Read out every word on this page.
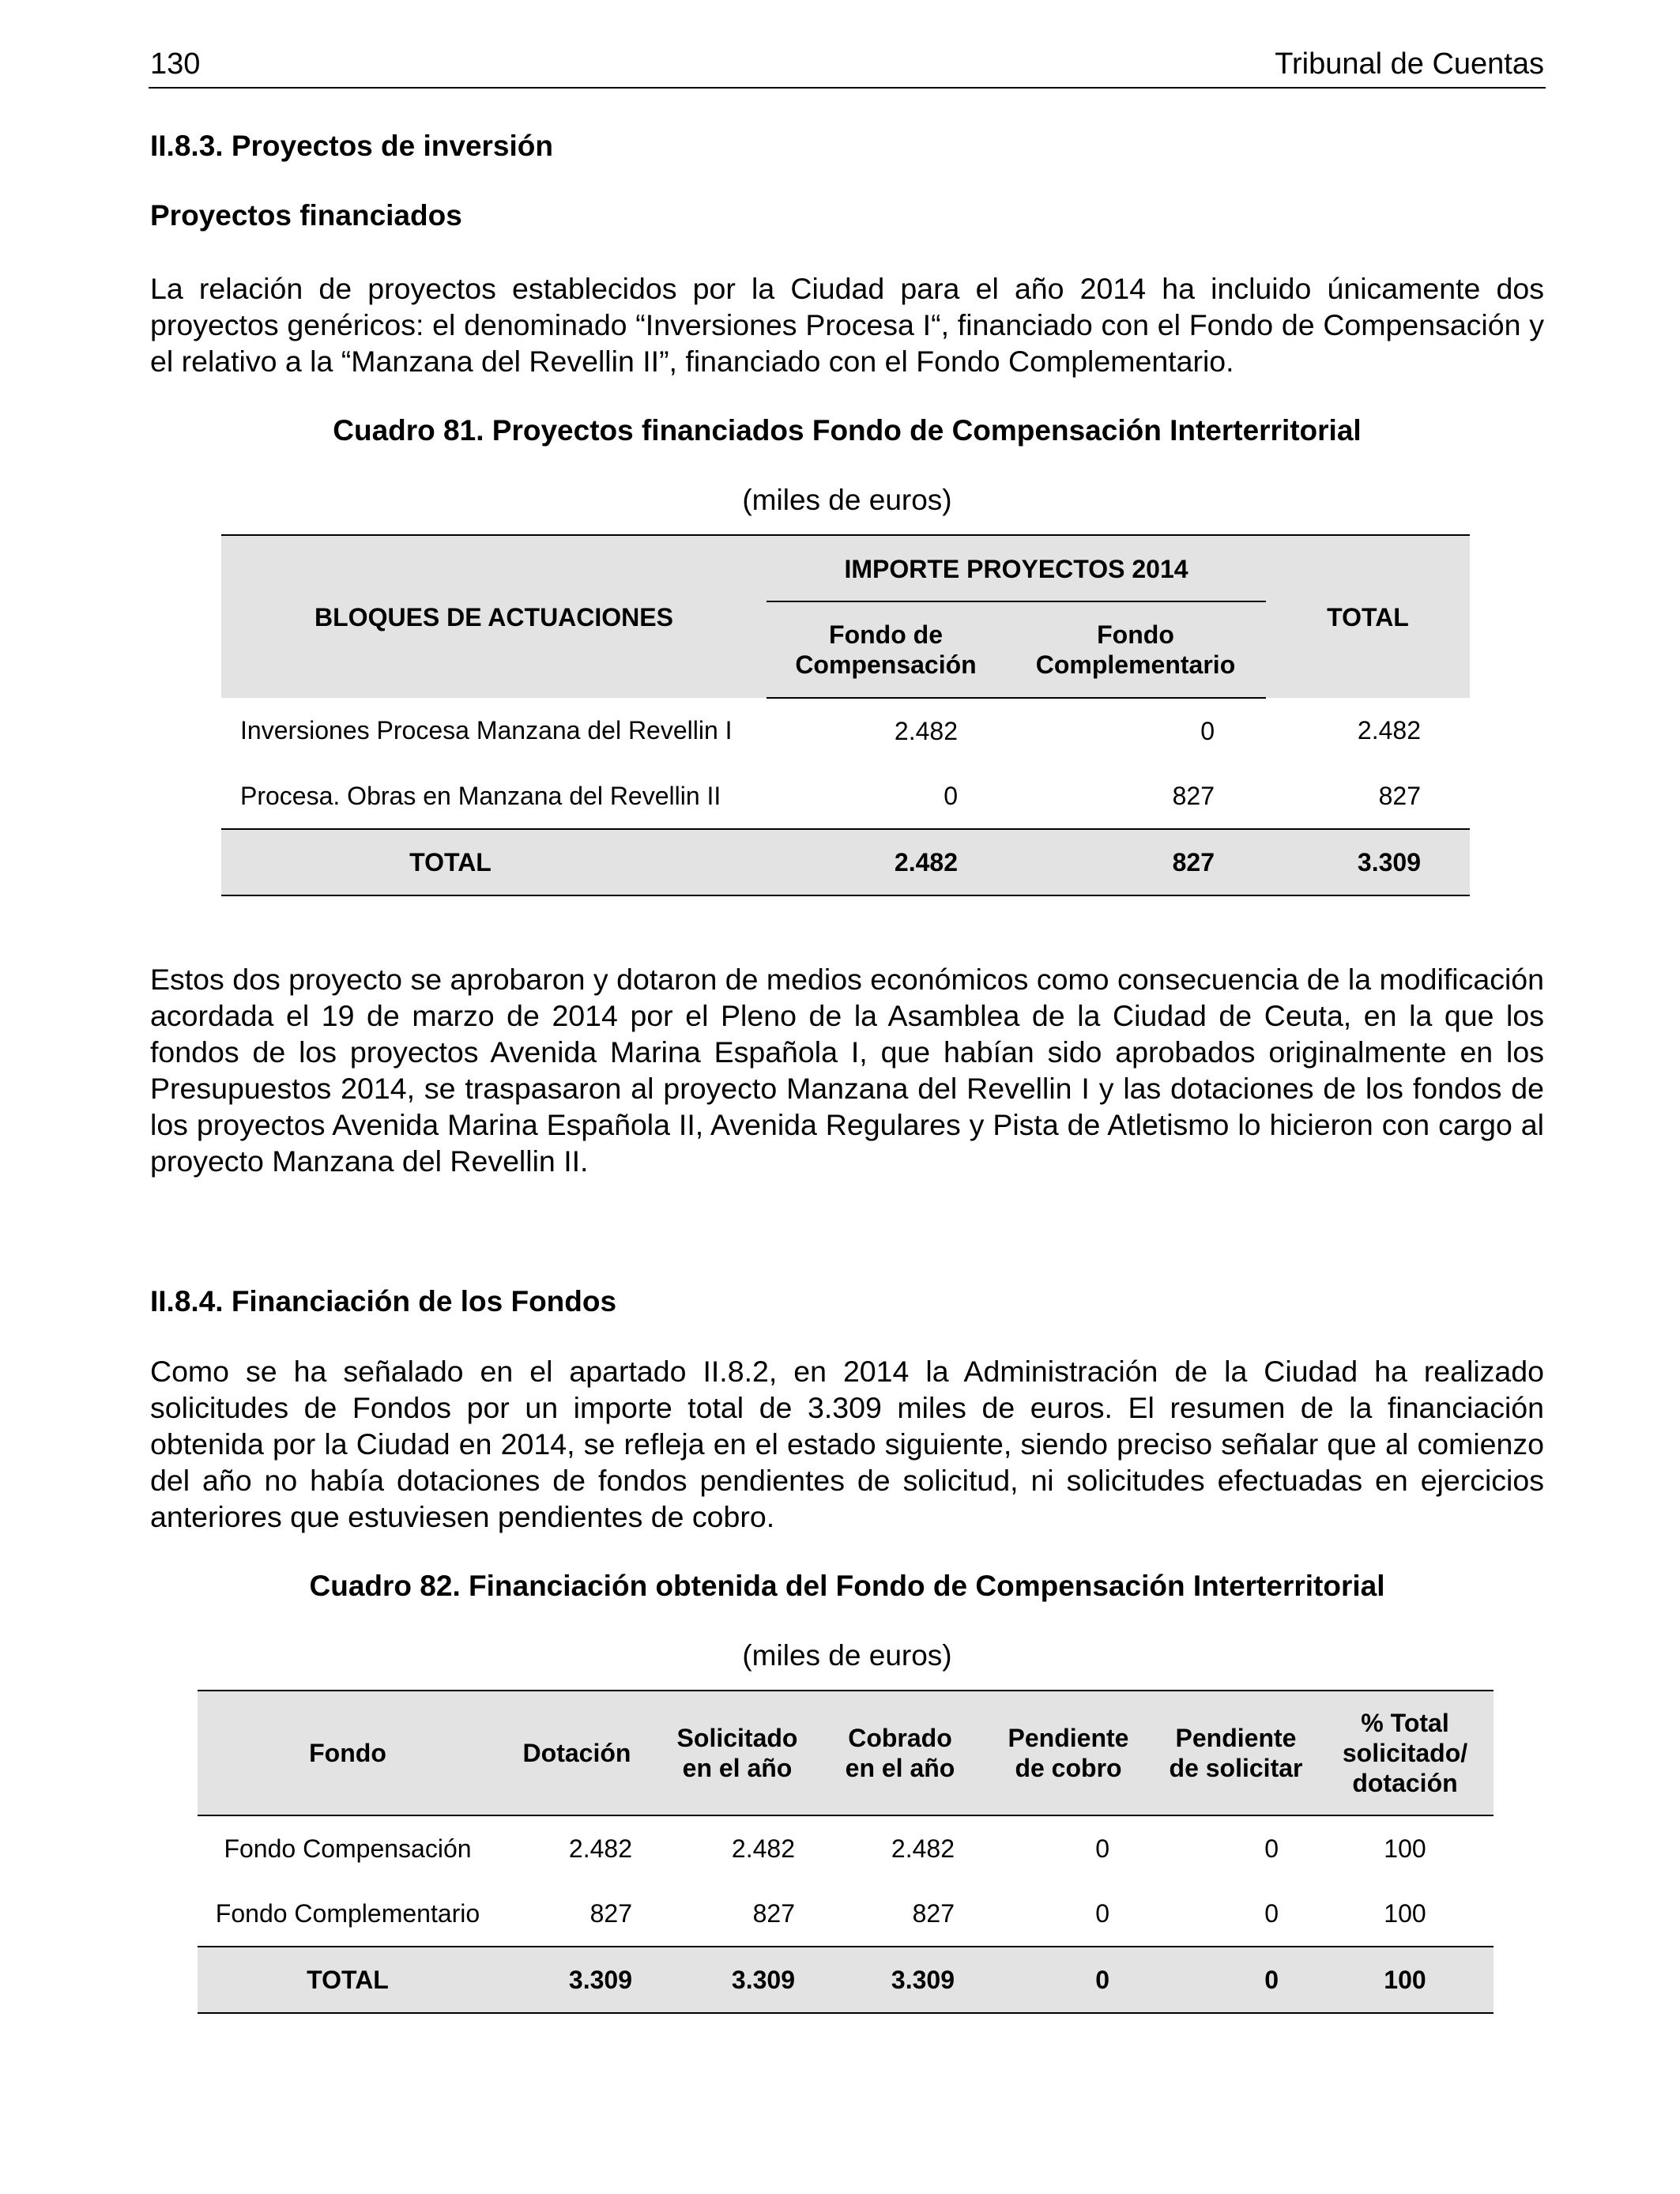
130	Tribunal de Cuentas
II.8.3. Proyectos de inversión
Proyectos financiados

La relación de proyectos establecidos por la Ciudad para el año 2014 ha incluido únicamente dos proyectos genéricos: el denominado “Inversiones Procesa I“, financiado con el Fondo de Compensación y el relativo a la “Manzana del Revellin II”, financiado con el Fondo Complementario.

Cuadro 81. Proyectos financiados Fondo de Compensación Interterritorial
(miles de euros)
BLOQUES DE ACTUACIONES	IMPORTE PROYECTOS 2014		TOTAL
	Fondo de Compensación	Fondo Complementario	
Inversiones Procesa Manzana del Revellin I	2.482	0	2.482
Procesa. Obras en Manzana del Revellin II	0	827	827
TOTAL	2.482	827	3.309

Estos dos proyecto se aprobaron y dotaron de medios económicos como consecuencia de la modificación acordada el 19 de marzo de 2014 por el Pleno de la Asamblea de la Ciudad de Ceuta, en la que los fondos de los proyectos Avenida Marina Española I, que habían sido aprobados originalmente en los Presupuestos 2014, se traspasaron al proyecto Manzana del Revellin I y las dotaciones de los fondos de los proyectos Avenida Marina Española II, Avenida Regulares y Pista de Atletismo lo hicieron con cargo al proyecto Manzana del Revellin II.

II.8.4. Financiación de los Fondos

Como se ha señalado en el apartado II.8.2, en 2014 la Administración de la Ciudad ha realizado solicitudes de Fondos por un importe total de 3.309 miles de euros. El resumen de la financiación obtenida por la Ciudad en 2014, se refleja en el estado siguiente, siendo preciso señalar que al comienzo del año no había dotaciones de fondos pendientes de solicitud, ni solicitudes efectuadas en ejercicios anteriores que estuviesen pendientes de cobro.

Cuadro 82. Financiación obtenida del Fondo de Compensación Interterritorial
(miles de euros)
Fondo	Dotación	Solicitado en el año	Cobrado en el año	Pendiente de cobro	Pendiente de solicitar	% Total solicitado/ dotación
Fondo Compensación	2.482	2.482	2.482	0	0	100
Fondo Complementario	827	827	827	0	0	100
TOTAL	3.309	3.309	3.309	0	0	100
